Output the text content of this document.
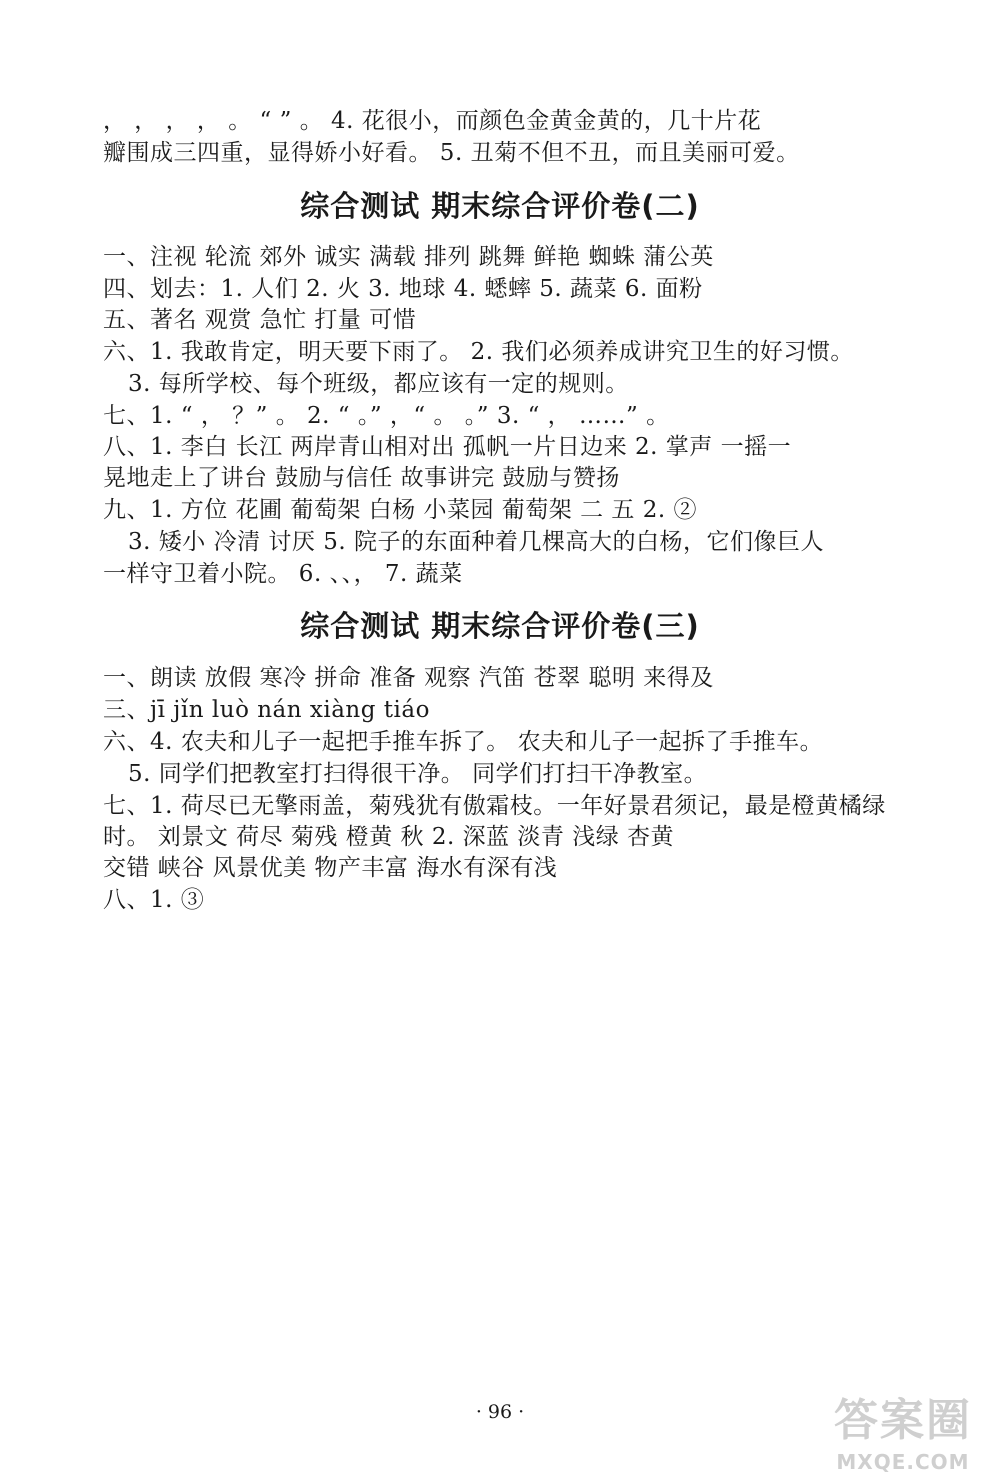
， ， ， ， 。 “ ” 。 4. 花很小，而颜色金黄金黄的，几十片花
瓣围成三四重，显得娇小好看。 5. 丑菊不但不丑，而且美丽可爱。
综合测试 期末综合评价卷(二)
一、注视 轮流 郊外 诚实 满载 排列 跳舞 鲜艳 蜘蛛 蒲公英
四、划去：1. 人们 2. 火 3. 地球 4. 蟋蟀 5. 蔬菜 6. 面粉
五、著名 观赏 急忙 打量 可惜
六、1. 我敢肯定，明天要下雨了。 2. 我们必须养成讲究卫生的好习惯。
3. 每所学校、每个班级，都应该有一定的规则。
七、1. “ ， ？” 。 2. “ 。” ，“ 。 。” 3. “ ， ……” 。
八、1. 李白 长江 两岸青山相对出 孤帆一片日边来 2. 掌声 一摇一
晃地走上了讲台 鼓励与信任 故事讲完 鼓励与赞扬
九、1. 方位 花圃 葡萄架 白杨 小菜园 葡萄架 二 五 2. ②
3. 矮小 冷清 讨厌 5. 院子的东面种着几棵高大的白杨，它们像巨人
一样守卫着小院。 6. 、、， 7. 蔬菜
综合测试 期末综合评价卷(三)
一、朗读 放假 寒冷 拼命 准备 观察 汽笛 苍翠 聪明 来得及
三、jī jǐn luò nán xiàng tiáo
六、4. 农夫和儿子一起把手推车拆了。 农夫和儿子一起拆了手推车。
5. 同学们把教室打扫得很干净。 同学们打扫干净教室。
七、1. 荷尽已无擎雨盖，菊残犹有傲霜枝。一年好景君须记，最是橙黄橘绿
时。 刘景文 荷尽 菊残 橙黄 秋 2. 深蓝 淡青 浅绿 杏黄
交错 峡谷 风景优美 物产丰富 海水有深有浅
八、1. ③
· 96 ·	答案圈
MXQE.COM
